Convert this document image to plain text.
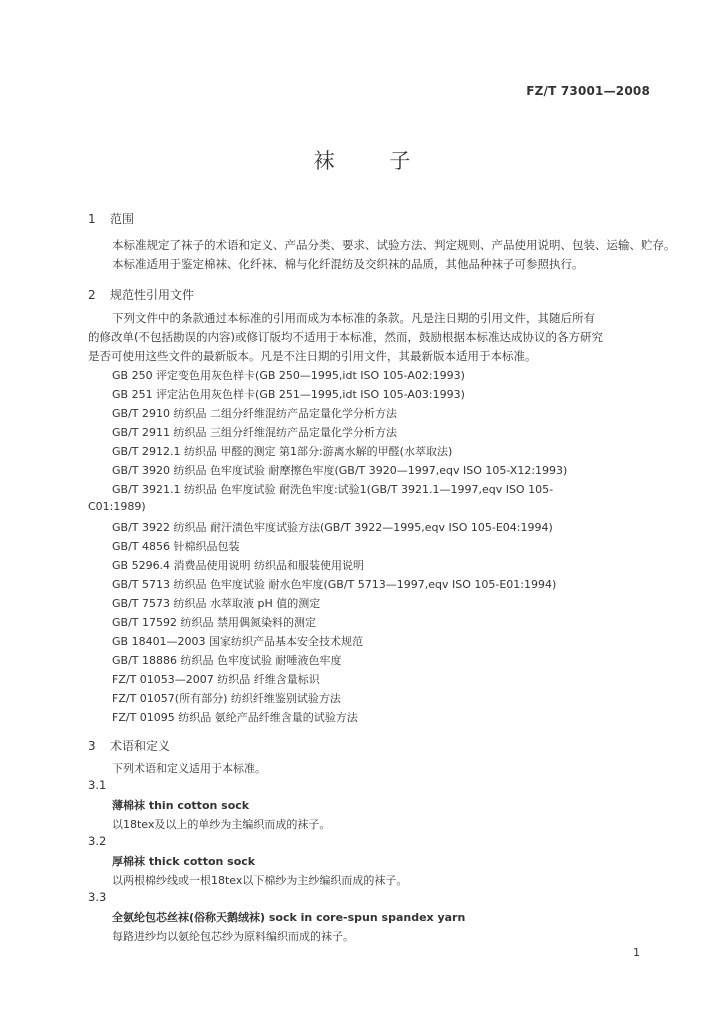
FZ/T 73001—2008
袜 子
1 范围
本标准规定了袜子的术语和定义、产品分类、要求、试验方法、判定规则、产品使用说明、包装、运输、贮存。
本标准适用于鉴定棉袜、化纤袜、棉与化纤混纺及交织袜的品质，其他品种袜子可参照执行。
2 规范性引用文件
下列文件中的条款通过本标准的引用而成为本标准的条款。凡是注日期的引用文件，其随后所有
的修改单(不包括勘误的内容)或修订版均不适用于本标准，然而，鼓励根据本标准达成协议的各方研究
是否可使用这些文件的最新版本。凡是不注日期的引用文件，其最新版本适用于本标准。
GB 250 评定变色用灰色样卡(GB 250—1995,idt ISO 105-A02:1993)
GB 251 评定沾色用灰色样卡(GB 251—1995,idt ISO 105-A03:1993)
GB/T 2910 纺织品 二组分纤维混纺产品定量化学分析方法
GB/T 2911 纺织品 三组分纤维混纺产品定量化学分析方法
GB/T 2912.1 纺织品 甲醛的测定 第1部分:游离水解的甲醛(水萃取法)
GB/T 3920 纺织品 色牢度试验 耐摩擦色牢度(GB/T 3920—1997,eqv ISO 105-X12:1993)
GB/T 3921.1 纺织品 色牢度试验 耐洗色牢度:试验1(GB/T 3921.1—1997,eqv ISO 105-
C01:1989)
GB/T 3922 纺织品 耐汗渍色牢度试验方法(GB/T 3922—1995,eqv ISO 105-E04:1994)
GB/T 4856 针棉织品包装
GB 5296.4 消费品使用说明 纺织品和服装使用说明
GB/T 5713 纺织品 色牢度试验 耐水色牢度(GB/T 5713—1997,eqv ISO 105-E01:1994)
GB/T 7573 纺织品 水萃取液 pH 值的测定
GB/T 17592 纺织品 禁用偶氮染料的测定
GB 18401—2003 国家纺织产品基本安全技术规范
GB/T 18886 纺织品 色牢度试验 耐唾液色牢度
FZ/T 01053—2007 纺织品 纤维含量标识
FZ/T 01057(所有部分) 纺织纤维鉴别试验方法
FZ/T 01095 纺织品 氨纶产品纤维含量的试验方法
3 术语和定义
下列术语和定义适用于本标准。
3.1
薄棉袜 thin cotton sock
以18tex及以上的单纱为主编织而成的袜子。
3.2
厚棉袜 thick cotton sock
以两根棉纱线或一根18tex以下棉纱为主纱编织而成的袜子。
3.3
全氨纶包芯丝袜(俗称天鹅绒袜) sock in core-spun spandex yarn
每路进纱均以氨纶包芯纱为原料编织而成的袜子。
1
